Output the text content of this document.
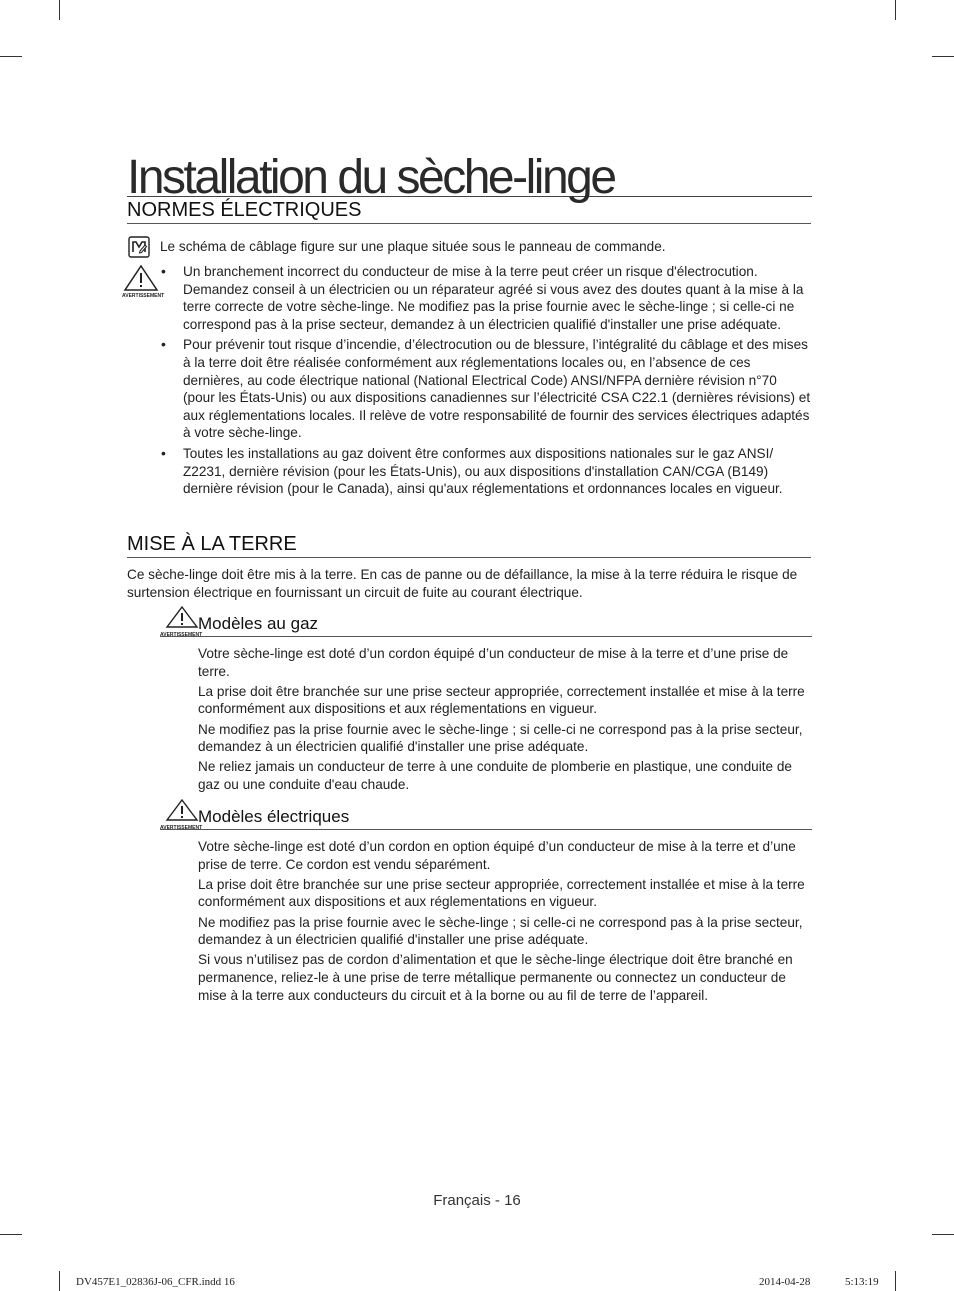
Installation du sèche-linge
NORMES ÉLECTRIQUES
Le schéma de câblage figure sur une plaque située sous le panneau de commande.
AVERTISSEMENT
• Un branchement incorrect du conducteur de mise à la terre peut créer un risque d'électrocution. Demandez conseil à un électricien ou un réparateur agréé si vous avez des doutes quant à la mise à la terre correcte de votre sèche-linge. Ne modifiez pas la prise fournie avec le sèche-linge ; si celle-ci ne correspond pas à la prise secteur, demandez à un électricien qualifié d'installer une prise adéquate.
• Pour prévenir tout risque d’incendie, d’électrocution ou de blessure, l’intégralité du câblage et des mises à la terre doit être réalisée conformément aux réglementations locales ou, en l’absence de ces dernières, au code électrique national (National Electrical Code) ANSI/NFPA dernière révision n°70 (pour les États-Unis) ou aux dispositions canadiennes sur l’électricité CSA C22.1 (dernières révisions) et aux réglementations locales. Il relève de votre responsabilité de fournir des services électriques adaptés à votre sèche-linge.
• Toutes les installations au gaz doivent être conformes aux dispositions nationales sur le gaz ANSI/ Z2231, dernière révision (pour les États-Unis), ou aux dispositions d'installation CAN/CGA (B149) dernière révision (pour le Canada), ainsi qu'aux réglementations et ordonnances locales en vigueur.
MISE À LA TERRE
Ce sèche-linge doit être mis à la terre. En cas de panne ou de défaillance, la mise à la terre réduira le risque de surtension électrique en fournissant un circuit de fuite au courant électrique.
AVERTISSEMENT
Modèles au gaz

Votre sèche-linge est doté d’un cordon équipé d’un conducteur de mise à la terre et d’une prise de terre.

La prise doit être branchée sur une prise secteur appropriée, correctement installée et mise à la terre conformément aux dispositions et aux réglementations en vigueur.

Ne modifiez pas la prise fournie avec le sèche-linge ; si celle-ci ne correspond pas à la prise secteur, demandez à un électricien qualifié d'installer une prise adéquate.

Ne reliez jamais un conducteur de terre à une conduite de plomberie en plastique, une conduite de gaz ou une conduite d'eau chaude.

AVERTISSEMENT
Modèles électriques

Votre sèche-linge est doté d’un cordon en option équipé d’un conducteur de mise à la terre et d’une prise de terre. Ce cordon est vendu séparément.

La prise doit être branchée sur une prise secteur appropriée, correctement installée et mise à la terre conformément aux dispositions et aux réglementations en vigueur.

Ne modifiez pas la prise fournie avec le sèche-linge ; si celle-ci ne correspond pas à la prise secteur, demandez à un électricien qualifié d'installer une prise adéquate.

Si vous n’utilisez pas de cordon d’alimentation et que le sèche-linge électrique doit être branché en permanence, reliez-le à une prise de terre métallique permanente ou connectez un conducteur de mise à la terre aux conducteurs du circuit et à la borne ou au fil de terre de l’appareil.

Français - 16
DV457E1_02836J-06_CFR.indd 16	2014-04-28	5:13:19
